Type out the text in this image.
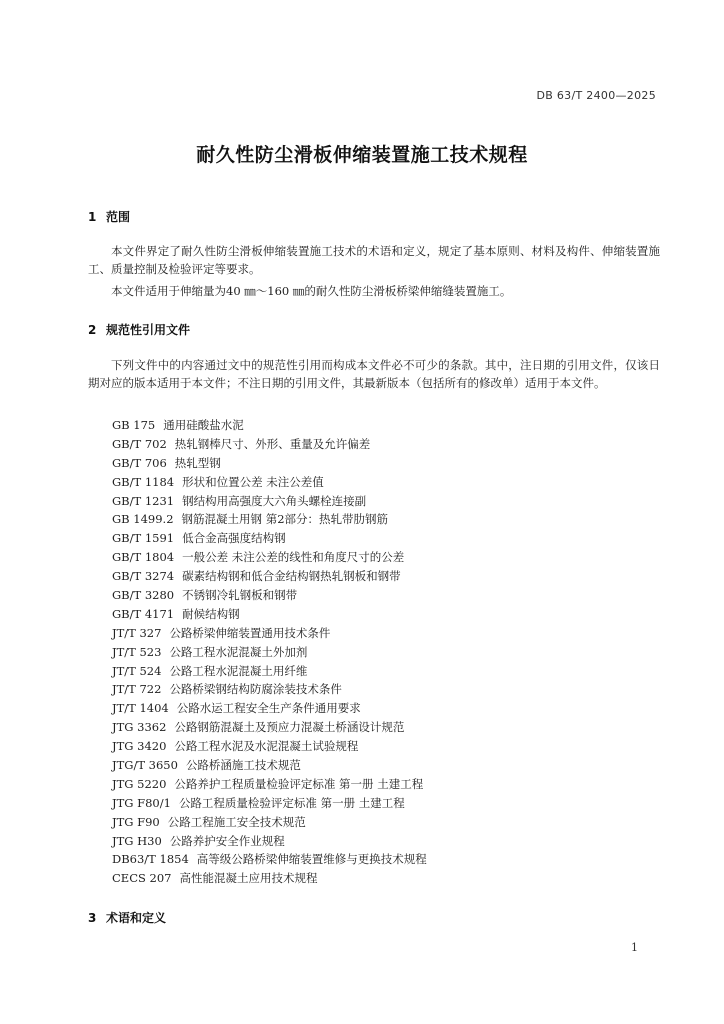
DB 63/T 2400—2025
耐久性防尘滑板伸缩装置施工技术规程
1 范围

本文件界定了耐久性防尘滑板伸缩装置施工技术的术语和定义，规定了基本原则、材料及构件、伸缩装置施工、质量控制及检验评定等要求。

本文件适用于伸缩量为40 ㎜～160 ㎜的耐久性防尘滑板桥梁伸缩缝装置施工。

2 规范性引用文件

下列文件中的内容通过文中的规范性引用而构成本文件必不可少的条款。其中，注日期的引用文件，仅该日期对应的版本适用于本文件；不注日期的引用文件，其最新版本（包括所有的修改单）适用于本文件。

GB 175 通用硅酸盐水泥
GB/T 702 热轧钢棒尺寸、外形、重量及允许偏差
GB/T 706 热轧型钢
GB/T 1184 形状和位置公差 未注公差值
GB/T 1231 钢结构用高强度大六角头螺栓连接副
GB 1499.2 钢筋混凝土用钢 第2部分：热轧带肋钢筋
GB/T 1591 低合金高强度结构钢
GB/T 1804 一般公差 未注公差的线性和角度尺寸的公差
GB/T 3274 碳素结构钢和低合金结构钢热轧钢板和钢带
GB/T 3280 不锈钢冷轧钢板和钢带
GB/T 4171 耐候结构钢
JT/T 327 公路桥梁伸缩装置通用技术条件
JT/T 523 公路工程水泥混凝土外加剂
JT/T 524 公路工程水泥混凝土用纤维
JT/T 722 公路桥梁钢结构防腐涂装技术条件
JT/T 1404 公路水运工程安全生产条件通用要求
JTG 3362 公路钢筋混凝土及预应力混凝土桥涵设计规范
JTG 3420 公路工程水泥及水泥混凝土试验规程
JTG/T 3650 公路桥涵施工技术规范
JTG 5220 公路养护工程质量检验评定标准 第一册 土建工程
JTG F80/1 公路工程质量检验评定标准 第一册 土建工程
JTG F90 公路工程施工安全技术规范
JTG H30 公路养护安全作业规程
DB63/T 1854 高等级公路桥梁伸缩装置维修与更换技术规程
CECS 207 高性能混凝土应用技术规程
3 术语和定义
1
